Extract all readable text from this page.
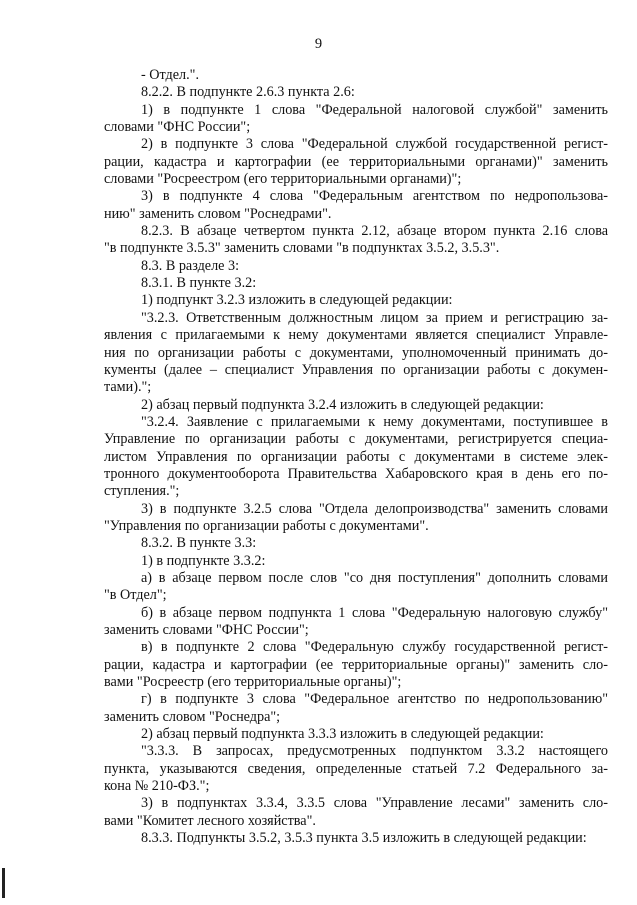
9
- Отдел.".
8.2.2. В подпункте 2.6.3 пункта 2.6:
1) в подпункте 1 слова "Федеральной налоговой службой" заменить
словами "ФНС России";
2) в подпункте 3 слова "Федеральной службой государственной регист-
рации, кадастра и картографии (ее территориальными органами)" заменить
словами "Росреестром (его территориальными органами)";
3) в подпункте 4 слова "Федеральным агентством по недропользова-
нию" заменить словом "Роснедрами".
8.2.3. В абзаце четвертом пункта 2.12, абзаце втором пункта 2.16 слова
"в подпункте 3.5.3" заменить словами "в подпунктах 3.5.2, 3.5.3".
8.3. В разделе 3:
8.3.1. В пункте 3.2:
1) подпункт 3.2.3 изложить в следующей редакции:
"3.2.3. Ответственным должностным лицом за прием и регистрацию за-
явления с прилагаемыми к нему документами является специалист Управле-
ния по организации работы с документами, уполномоченный принимать до-
кументы (далее – специалист Управления по организации работы с докумен-
тами).";
2) абзац первый подпункта 3.2.4 изложить в следующей редакции:
"3.2.4. Заявление с прилагаемыми к нему документами, поступившее в
Управление по организации работы с документами, регистрируется специа-
листом Управления по организации работы с документами в системе элек-
тронного документооборота Правительства Хабаровского края в день его по-
ступления.";
3) в подпункте 3.2.5 слова "Отдела делопроизводства" заменить словами
"Управления по организации работы с документами".
8.3.2. В пункте 3.3:
1) в подпункте 3.3.2:
а) в абзаце первом после слов "со дня поступления" дополнить словами
"в Отдел";
б) в абзаце первом подпункта 1 слова "Федеральную налоговую службу"
заменить словами "ФНС России";
в) в подпункте 2 слова "Федеральную службу государственной регист-
рации, кадастра и картографии (ее территориальные органы)" заменить сло-
вами "Росреестр (его территориальные органы)";
г) в подпункте 3 слова "Федеральное агентство по недропользованию"
заменить словом "Роснедра";
2) абзац первый подпункта 3.3.3 изложить в следующей редакции:
"3.3.3. В запросах, предусмотренных подпунктом 3.3.2 настоящего
пункта, указываются сведения, определенные статьей 7.2 Федерального за-
кона № 210-ФЗ.";
3) в подпунктах 3.3.4, 3.3.5 слова "Управление лесами" заменить сло-
вами "Комитет лесного хозяйства".
8.3.3. Подпункты 3.5.2, 3.5.3 пункта 3.5 изложить в следующей редакции:
